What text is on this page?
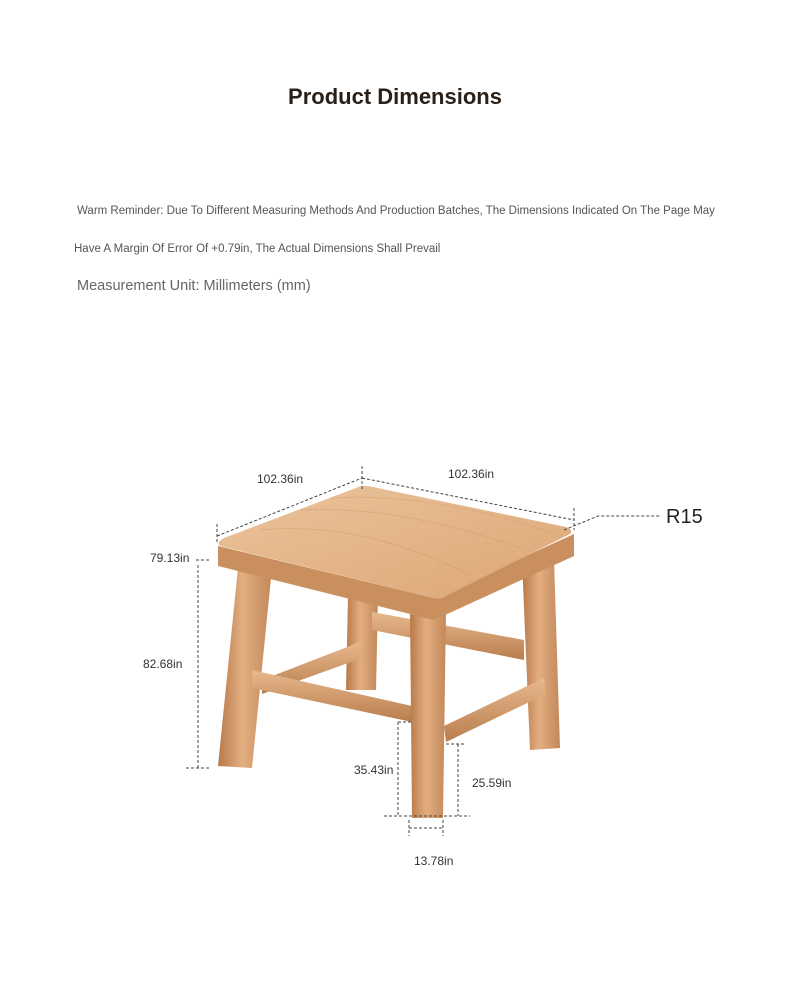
Product Dimensions
Warm Reminder: Due To Different Measuring Methods And Production Batches, The Dimensions Indicated On The Page May
Have A Margin Of Error Of +0.79in, The Actual Dimensions Shall Prevail
Measurement Unit: Millimeters (mm)
102.36in	102.36in
R15
79.13in
82.68in
35.43in
25.59in
13.78in
